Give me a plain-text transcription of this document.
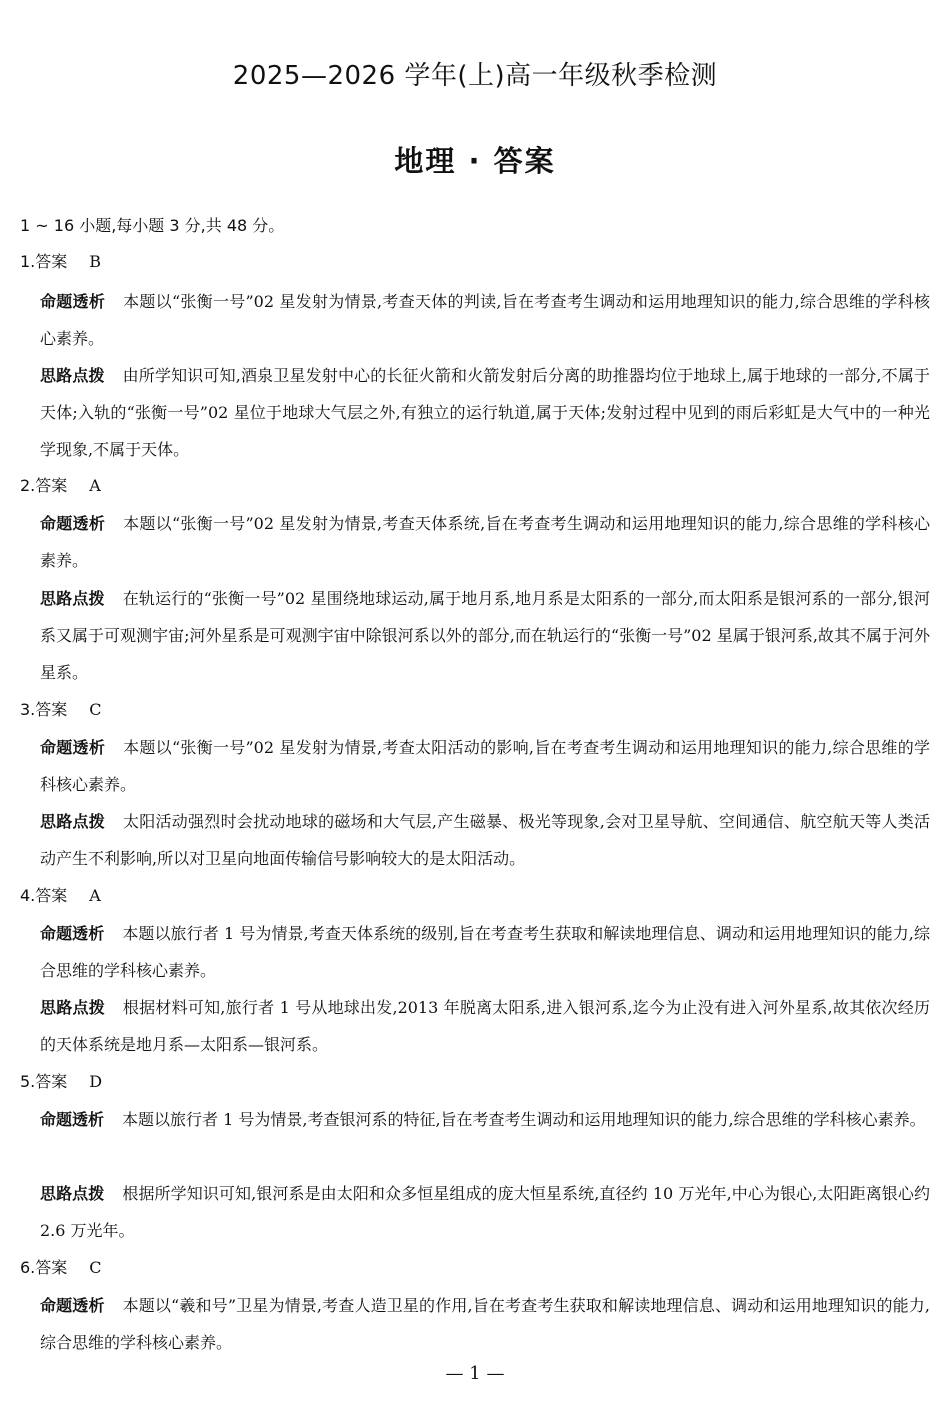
2025—2026 学年(上)高一年级秋季检测
地理 · 答案
1 ~ 16 小题,每小题 3 分,共 48 分。
1.答案 B
命题透析 本题以“张衡一号”02 星发射为情景,考查天体的判读,旨在考查考生调动和运用地理知识的能力,综合思维的学科核心素养。
思路点拨 由所学知识可知,酒泉卫星发射中心的长征火箭和火箭发射后分离的助推器均位于地球上,属于地球的一部分,不属于天体;入轨的“张衡一号”02 星位于地球大气层之外,有独立的运行轨道,属于天体;发射过程中见到的雨后彩虹是大气中的一种光学现象,不属于天体。
2.答案 A
命题透析 本题以“张衡一号”02 星发射为情景,考查天体系统,旨在考查考生调动和运用地理知识的能力,综合思维的学科核心素养。
思路点拨 在轨运行的“张衡一号”02 星围绕地球运动,属于地月系,地月系是太阳系的一部分,而太阳系是银河系的一部分,银河系又属于可观测宇宙;河外星系是可观测宇宙中除银河系以外的部分,而在轨运行的“张衡一号”02 星属于银河系,故其不属于河外星系。
3.答案 C
命题透析 本题以“张衡一号”02 星发射为情景,考查太阳活动的影响,旨在考查考生调动和运用地理知识的能力,综合思维的学科核心素养。
思路点拨 太阳活动强烈时会扰动地球的磁场和大气层,产生磁暴、极光等现象,会对卫星导航、空间通信、航空航天等人类活动产生不利影响,所以对卫星向地面传输信号影响较大的是太阳活动。
4.答案 A
命题透析 本题以旅行者 1 号为情景,考查天体系统的级别,旨在考查考生获取和解读地理信息、调动和运用地理知识的能力,综合思维的学科核心素养。
思路点拨 根据材料可知,旅行者 1 号从地球出发,2013 年脱离太阳系,进入银河系,迄今为止没有进入河外星系,故其依次经历的天体系统是地月系—太阳系—银河系。
5.答案 D
命题透析 本题以旅行者 1 号为情景,考查银河系的特征,旨在考查考生调动和运用地理知识的能力,综合思维的学科核心素养。
思路点拨 根据所学知识可知,银河系是由太阳和众多恒星组成的庞大恒星系统,直径约 10 万光年,中心为银心,太阳距离银心约 2.6 万光年。
6.答案 C
命题透析 本题以“羲和号”卫星为情景,考查人造卫星的作用,旨在考查考生获取和解读地理信息、调动和运用地理知识的能力,综合思维的学科核心素养。
— 1 —
